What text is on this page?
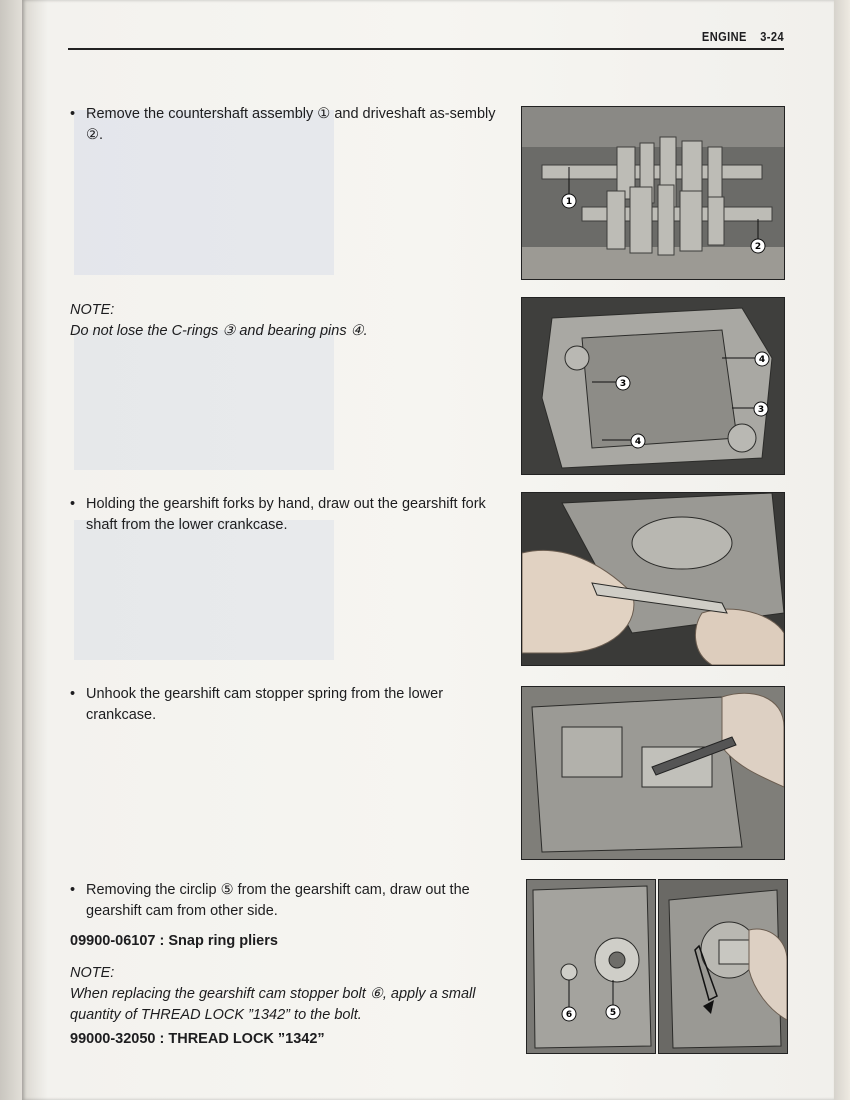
ENGINE 3-24
• Remove the countershaft assembly ① and driveshaft as-sembly ②.
NOTE:
Do not lose the C-rings ③ and bearing pins ④.
• Holding the gearshift forks by hand, draw out the gearshift fork shaft from the lower crankcase.
• Unhook the gearshift cam stopper spring from the lower crankcase.
• Removing the circlip ⑤ from the gearshift cam, draw out the gearshift cam from other side.
09900-06107 : Snap ring pliers
NOTE:
When replacing the gearshift cam stopper bolt ⑥, apply a small quantity of THREAD LOCK ”1342” to the bolt.
99000-32050 : THREAD LOCK ”1342”
1
2
3
3
4
4
6	5
